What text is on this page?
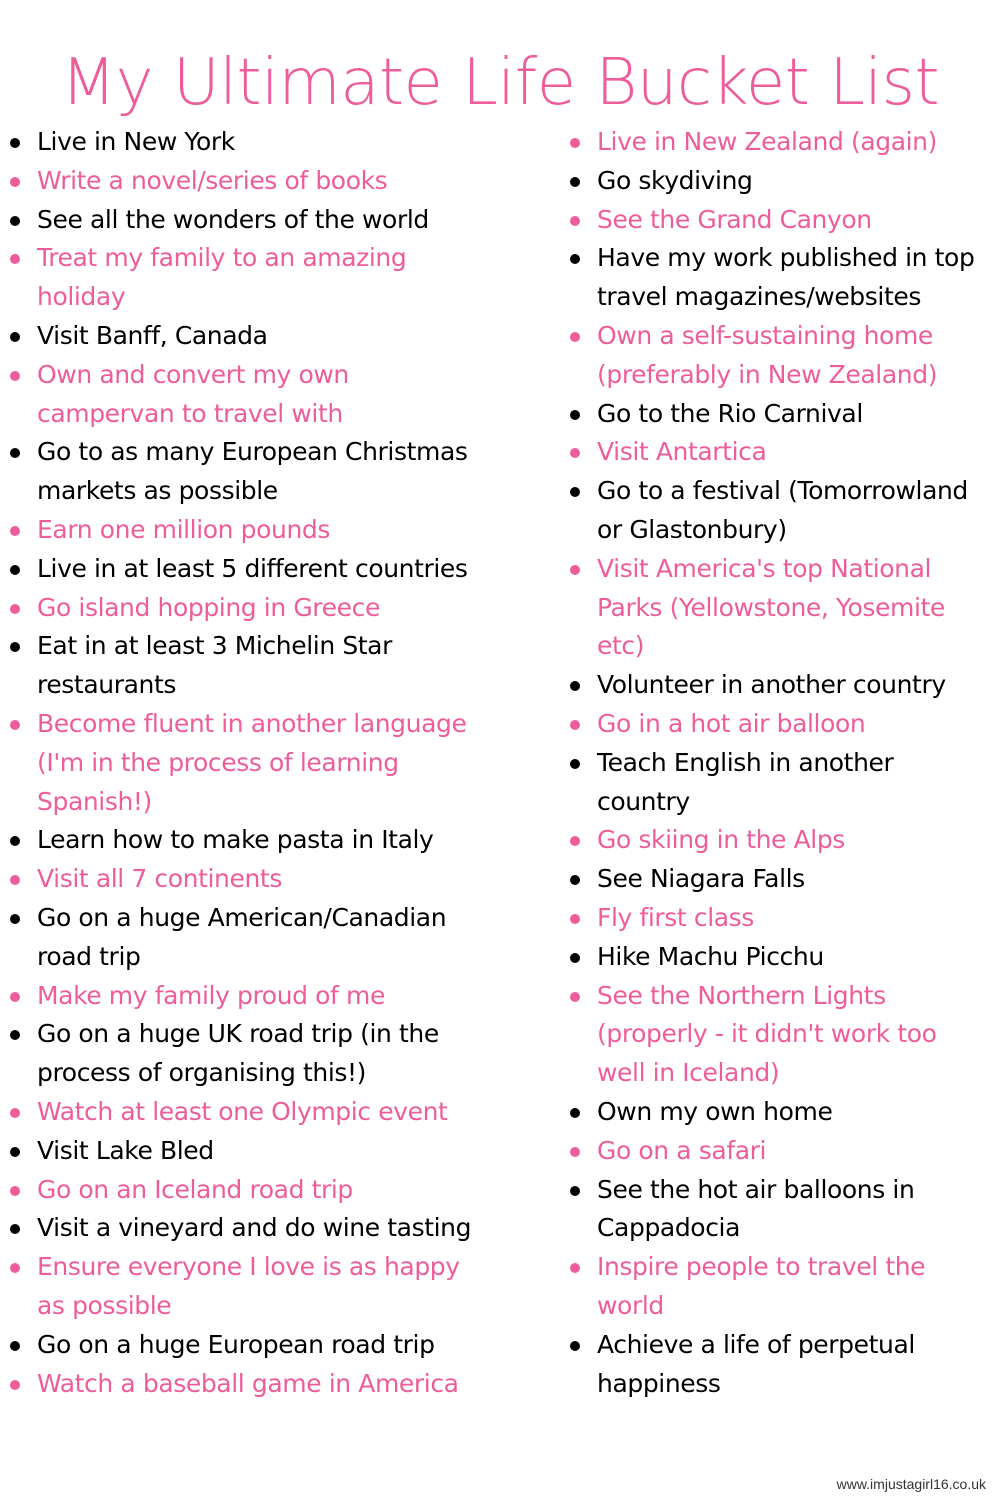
My Ultimate Life Bucket List
Live in New York
Write a novel/series of books
See all the wonders of the world
Treat my family to an amazing holiday
Visit Banff, Canada
Own and convert my own campervan to travel with
Go to as many European Christmas markets as possible
Earn one million pounds
Live in at least 5 different countries
Go island hopping in Greece
Eat in at least 3 Michelin Star restaurants
Become fluent in another language (I'm in the process of learning Spanish!)
Learn how to make pasta in Italy
Visit all 7 continents
Go on a huge American/Canadian road trip
Make my family proud of me
Go on a huge UK road trip (in the process of organising this!)
Watch at least one Olympic event
Visit Lake Bled
Go on an Iceland road trip
Visit a vineyard and do wine tasting
Ensure everyone I love is as happy as possible
Go on a huge European road trip
Watch a baseball game in America
Live in New Zealand (again)
Go skydiving
See the Grand Canyon
Have my work published in top travel magazines/websites
Own a self-sustaining home (preferably in New Zealand)
Go to the Rio Carnival
Visit Antartica
Go to a festival (Tomorrowland or Glastonbury)
Visit America's top National Parks (Yellowstone, Yosemite etc)
Volunteer in another country
Go in a hot air balloon
Teach English in another country
Go skiing in the Alps
See Niagara Falls
Fly first class
Hike Machu Picchu
See the Northern Lights (properly - it didn't work too well in Iceland)
Own my own home
Go on a safari
See the hot air balloons in Cappadocia
Inspire people to travel the world
Achieve a life of perpetual happiness
www.imjustagirl16.co.uk
